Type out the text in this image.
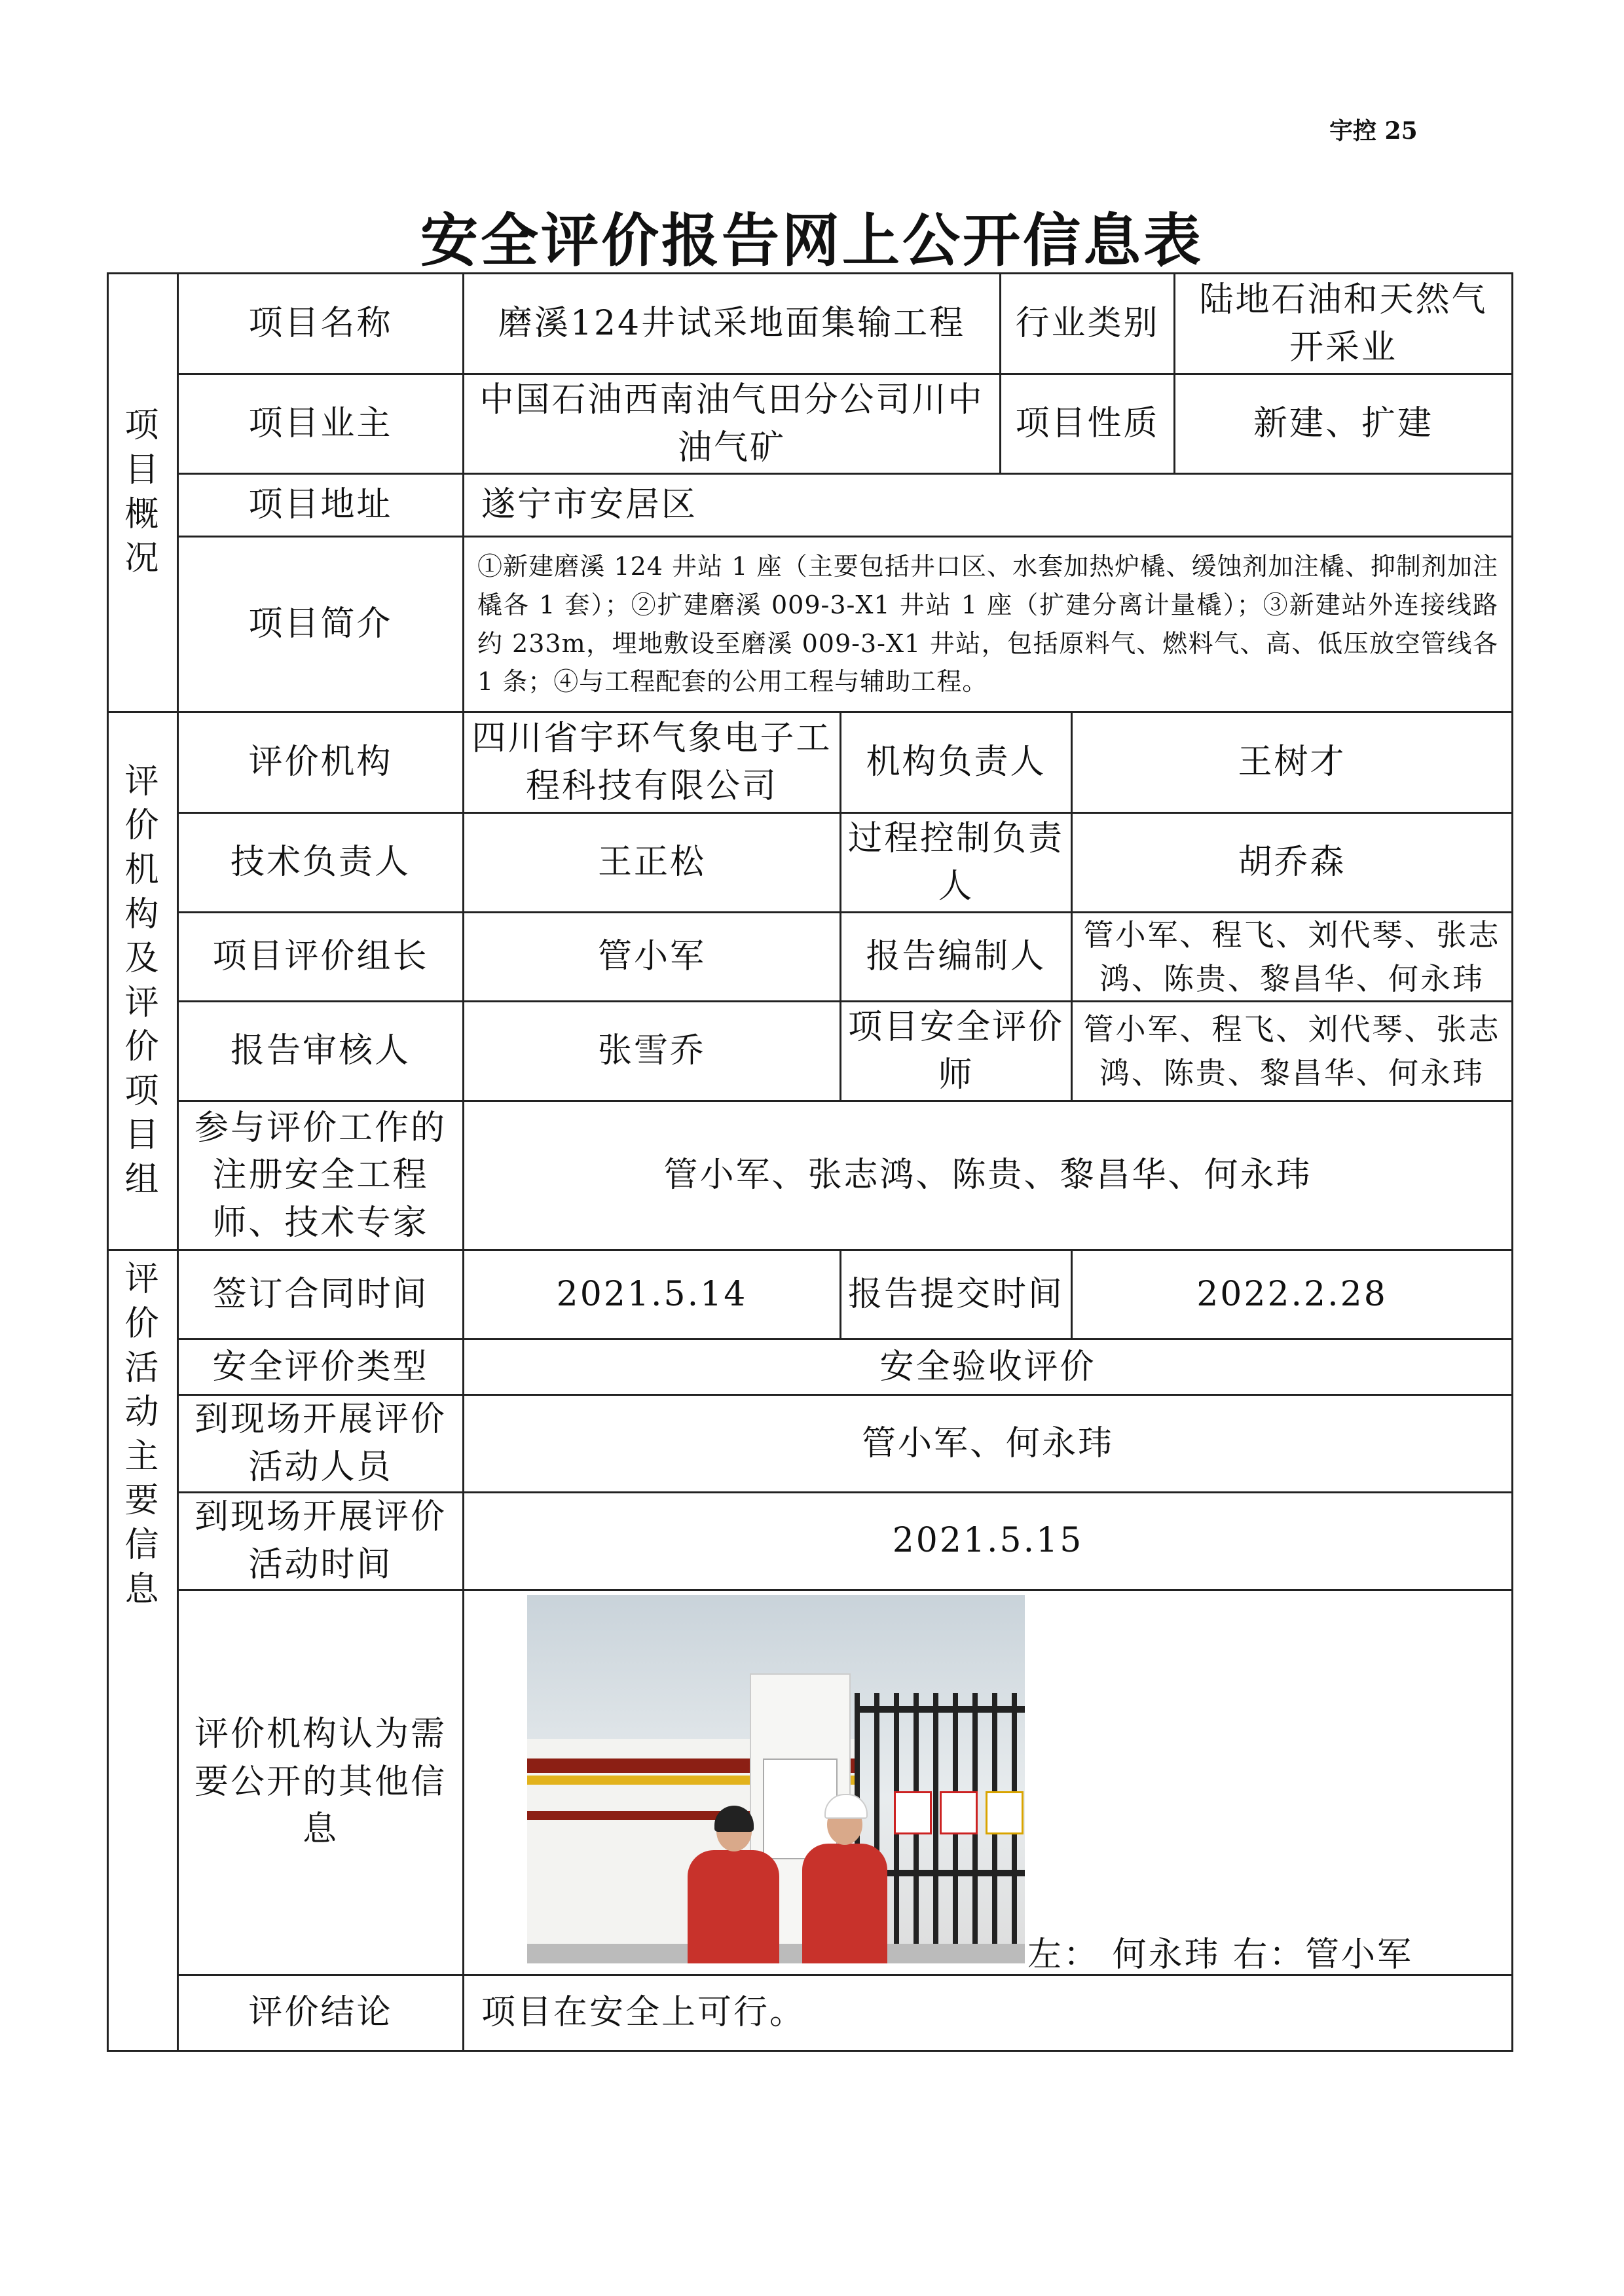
宇控 25
安全评价报告网上公开信息表
项目概况	项目名称	磨溪124井试采地面集输工程		行业类别		陆地石油和天然气开采业
	项目业主	中国石油西南油气田分公司川中油气矿		项目性质		新建、扩建
	项目地址	遂宁市安居区				
	项目简介	①新建磨溪 124 井站 1 座（主要包括井口区、水套加热炉橇、缓蚀剂加注橇、抑制剂加注橇各 1 套）；②扩建磨溪 009-3-X1 井站 1 座（扩建分离计量橇）；③新建站外连接线路约 233m，埋地敷设至磨溪 009-3-X1 井站，包括原料气、燃料气、高、低压放空管线各 1 条；④与工程配套的公用工程与辅助工程。				
评价机构及评价项目组	评价机构	四川省宇环气象电子工程科技有限公司	机构负责人		王树才	
	技术负责人	王正松	过程控制负责人		胡乔森	
	项目评价组长	管小军	报告编制人		管小军、程飞、刘代琴、张志鸿、陈贵、黎昌华、何永玮	
	报告审核人	张雪乔	项目安全评价师		管小军、程飞、刘代琴、张志鸿、陈贵、黎昌华、何永玮	
	参与评价工作的注册安全工程师、技术专家	管小军、张志鸿、陈贵、黎昌华、何永玮				
评价活动主要信息	签订合同时间	2021.5.14	报告提交时间		2022.2.28	
	安全评价类型	安全验收评价				
	到现场开展评价活动人员	管小军、何永玮				
	到现场开展评价活动时间	2021.5.15				
	评价机构认为需要公开的其他信息	左： 何永玮 右：管小军				

	评价结论	项目在安全上可行。				
